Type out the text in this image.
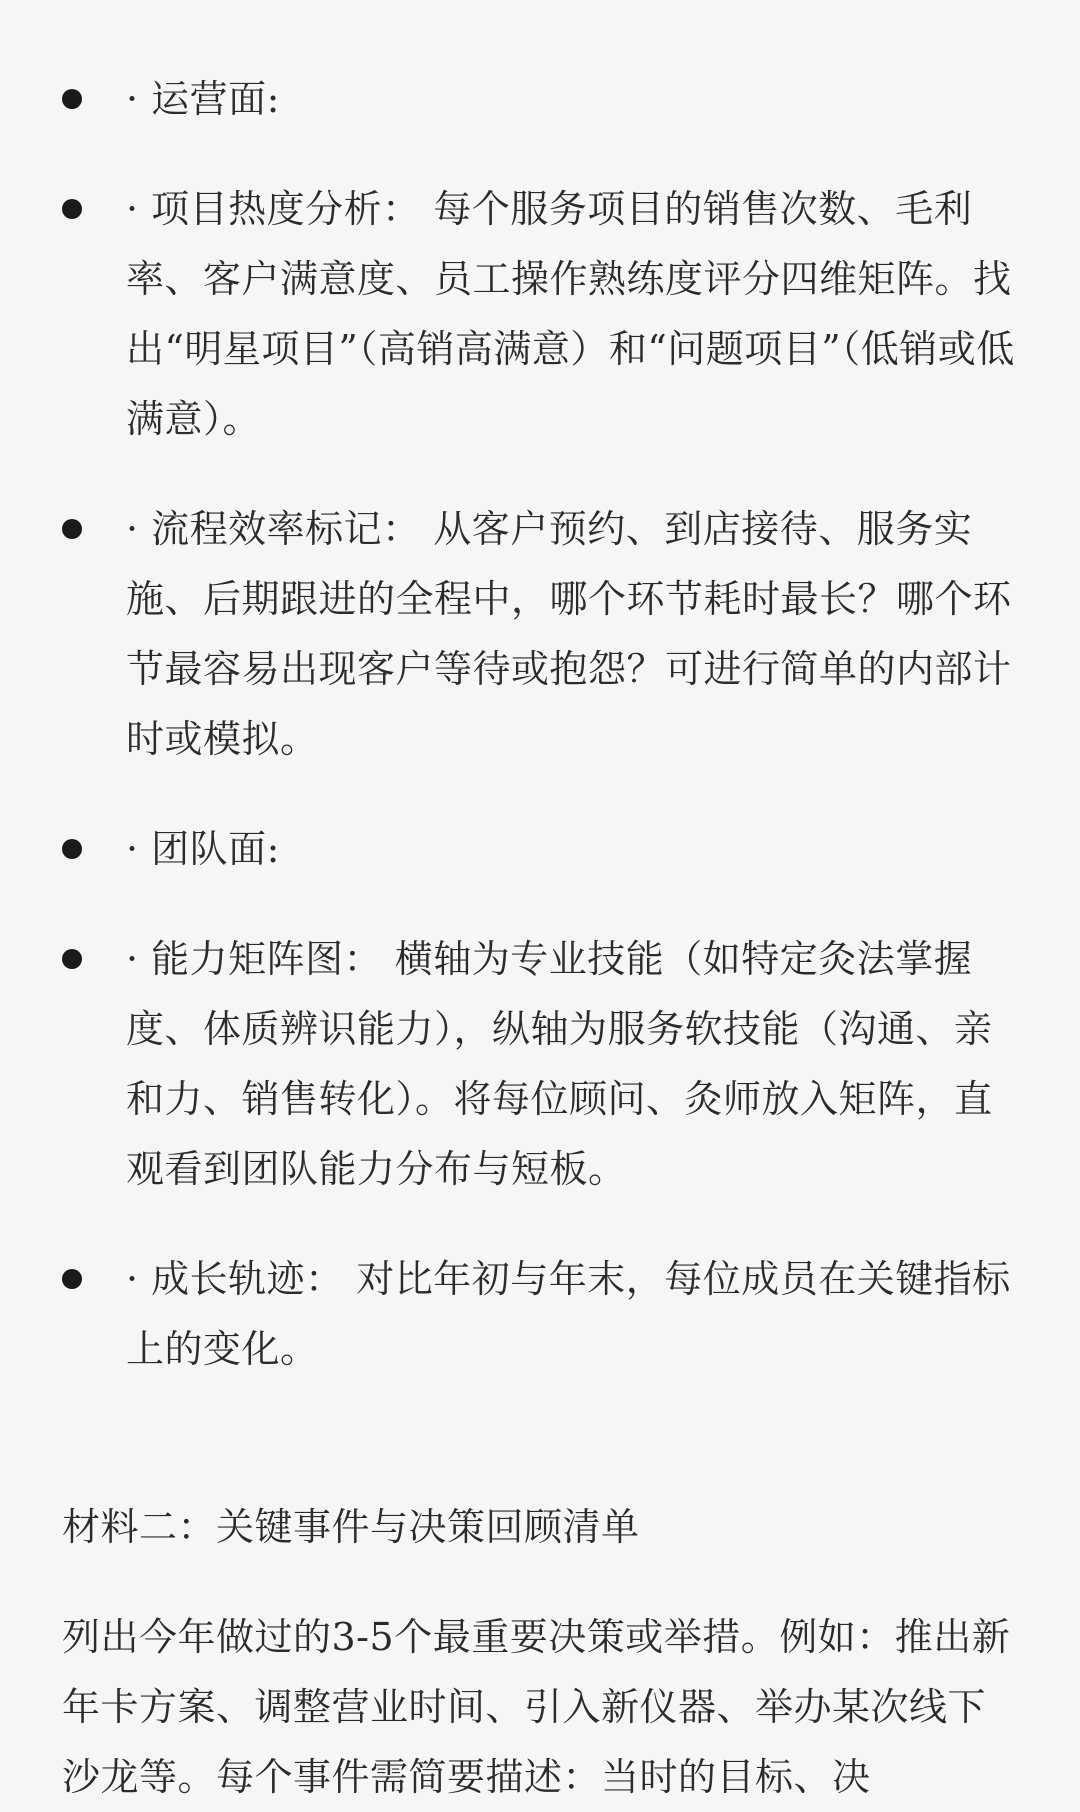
· 运营面:
· 项目热度分析： 每个服务项目的销售次数、毛利率、客户满意度、员工操作熟练度评分四维矩阵。找出“明星项目”（高销高满意）和“问题项目”（低销或低满意）。
· 流程效率标记： 从客户预约、到店接待、服务实施、后期跟进的全程中，哪个环节耗时最长？哪个环节最容易出现客户等待或抱怨？可进行简单的内部计时或模拟。
· 团队面:
· 能力矩阵图： 横轴为专业技能（如特定灸法掌握度、体质辨识能力），纵轴为服务软技能（沟通、亲和力、销售转化）。将每位顾问、灸师放入矩阵，直观看到团队能力分布与短板。
· 成长轨迹： 对比年初与年末，每位成员在关键指标上的变化。

材料二：关键事件与决策回顾清单

列出今年做过的3-5个最重要决策或举措。例如：推出新年卡方案、调整营业时间、引入新仪器、举办某次线下沙龙等。每个事件需简要描述：当时的目标、决
